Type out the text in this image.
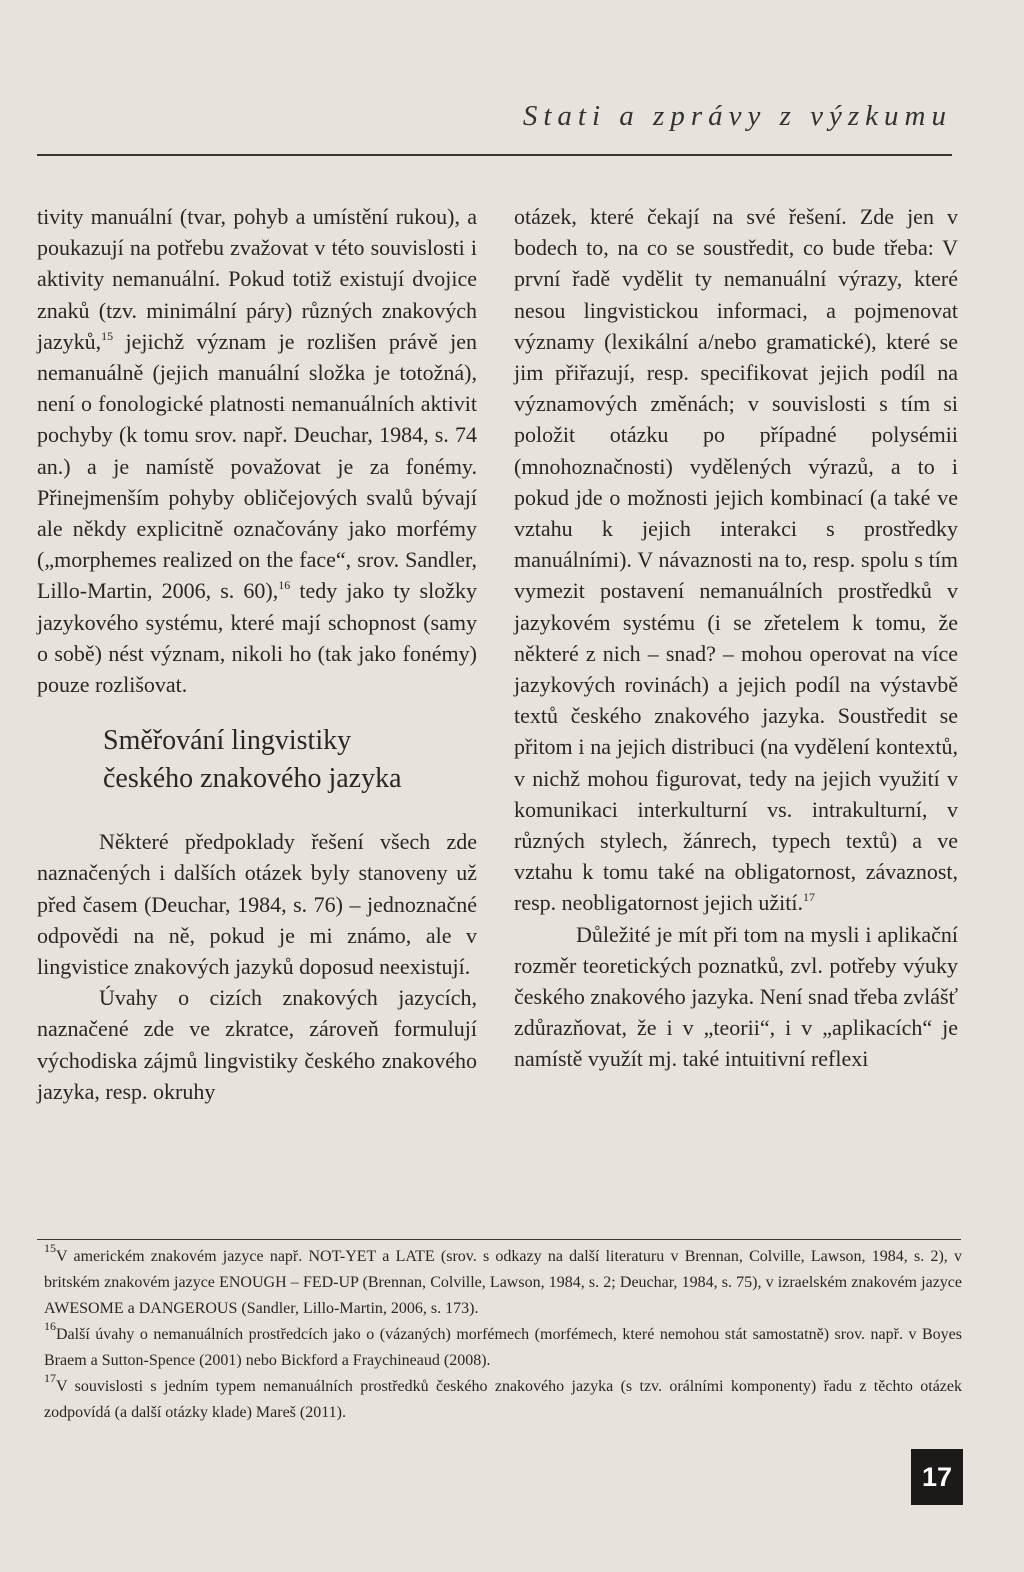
Stati a zprávy z výzkumu

tivity manuální (tvar, pohyb a umístění rukou), a poukazují na potřebu zvažovat v této souvislosti i aktivity nemanuální. Pokud totiž existují dvojice znaků (tzv. minimální páry) různých znakových jazyků,$^{15}$ jejichž význam je rozlišen právě jen nemanuálně (jejich manuální složka je totožná), není o fonologické platnosti nemanuálních aktivit pochyby (k tomu srov. např. Deuchar, 1984, s. 74 an.) a je namístě považovat je za fonémy. Přinejmenším pohyby obličejových svalů bývají ale někdy explicitně označovány jako morfémy („morphemes realized on the face“, srov. Sandler, Lillo-Martin, 2006, s. 60),$^{16}$ tedy jako ty složky jazykového systému, které mají schopnost (samy o sobě) nést význam, nikoli ho (tak jako fonémy) pouze rozlišovat.

Směřování lingvistiky
českého znakového jazyka

Některé předpoklady řešení všech zde naznačených i dalších otázek byly stanoveny už před časem (Deuchar, 1984, s. 76) – jednoznačné odpovědi na ně, pokud je mi známo, ale v lingvistice znakových jazyků doposud neexistují.

Úvahy o cizích znakových jazycích, naznačené zde ve zkratce, zároveň formulují východiska zájmů lingvistiky českého znakového jazyka, resp. okruhy

otázek, které čekají na své řešení. Zde jen v bodech to, na co se soustředit, co bude třeba: V první řadě vydělit ty nemanuální výrazy, které nesou lingvistickou informaci, a pojmenovat významy (lexikální a/nebo gramatické), které se jim přiřazují, resp. specifikovat jejich podíl na významových změnách; v souvislosti s tím si položit otázku po případné polysémii (mnohoznačnosti) vydělených výrazů, a to i pokud jde o možnosti jejich kombinací (a také ve vztahu k jejich interakci s prostředky manuálními). V návaznosti na to, resp. spolu s tím vymezit postavení nemanuálních prostředků v jazykovém systému (i se zřetelem k tomu, že některé z nich – snad? – mohou operovat na více jazykových rovinách) a jejich podíl na výstavbě textů českého znakového jazyka. Soustředit se přitom i na jejich distribuci (na vydělení kontextů, v nichž mohou figurovat, tedy na jejich využití v komunikaci interkulturní vs. intrakulturní, v různých stylech, žánrech, typech textů) a ve vztahu k tomu také na obligatornost, závaznost, resp. neobligatornost jejich užití.$^{17}$

Důležité je mít při tom na mysli i aplikační rozměr teoretických poznatků, zvl. potřeby výuky českého znakového jazyka. Není snad třeba zvlášť zdůrazňovat, že i v „teorii“, i v „aplikacích“ je namístě využít mj. také intuitivní reflexi

$^{15}$V americkém znakovém jazyce např. NOT-YET a LATE (srov. s odkazy na další literaturu v Brennan, Colville, Lawson, 1984, s. 2), v britském znakovém jazyce ENOUGH – FED-UP (Brennan, Colville, Lawson, 1984, s. 2; Deuchar, 1984, s. 75), v izraelském znakovém jazyce AWESOME a DANGEROUS (Sandler, Lillo-Martin, 2006, s. 173).

$^{16}$Další úvahy o nemanuálních prostředcích jako o (vázaných) morfémech (morfémech, které nemohou stát samostatně) srov. např. v Boyes Braem a Sutton-Spence (2001) nebo Bickford a Fraychineaud (2008).

$^{17}$V souvislosti s jedním typem nemanuálních prostředků českého znakového jazyka (s tzv. orálními komponenty) řadu z těchto otázek zodpovídá (a další otázky klade) Mareš (2011).

17
